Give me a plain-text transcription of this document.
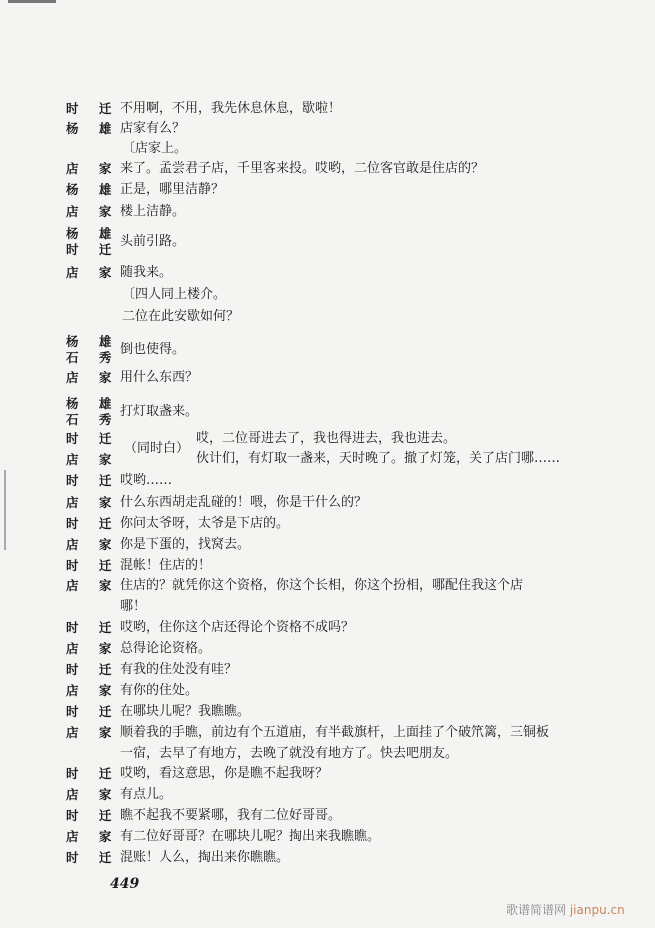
时 迁 不用啊，不用，我先休息休息，歇啦！
杨 雄 店家有么？
〔店家上。
店 家 来了。孟尝君子店，千里客来投。哎哟，二位客官敢是住店的？
杨 雄 正是，哪里洁静？
店 家 楼上洁静。
杨 雄
时 迁
头前引路。
店 家 随我来。
〔四人同上楼介。
二位在此安歇如何？
杨 雄
石 秀
倒也使得。
店 家 用什么东西？
杨 雄
石 秀
打灯取盏来。
时 迁 哎哟……
店 家 什么东西胡走乱碰的！喂，你是干什么的？
时 迁 你问太爷呀，太爷是下店的。
店 家 你是下蛋的，找窝去。
时 迁 混帐！住店的！
店 家 住店的？就凭你这个资格，你这个长相，你这个扮相，哪配住我这个店
哪！
时 迁 哎哟，住你这个店还得论个资格不成吗？
店 家 总得论论资格。
时 迁 有我的住处没有哇？
店 家 有你的住处。
时 迁 在哪块儿呢？我瞧瞧。
店 家 顺着我的手瞧，前边有个五道庙，有半截旗杆，上面挂了个破笊篱，三铜板
一宿，去早了有地方，去晚了就没有地方了。快去吧朋友。
时 迁 哎哟，看这意思，你是瞧不起我呀？
店 家 有点儿。
时 迁 瞧不起我不要紧哪，我有二位好哥哥。
店 家 有二位好哥哥？在哪块儿呢？掏出来我瞧瞧。
时 迁 混账！人么，掏出来你瞧瞧。
时 迁
店 家
（同时白）
哎，二位哥进去了，我也得进去，我也进去。
伙计们，有灯取一盏来，天时晚了。撤了灯笼，关了店门哪……
449
歌谱简谱网 jianpu.cn
